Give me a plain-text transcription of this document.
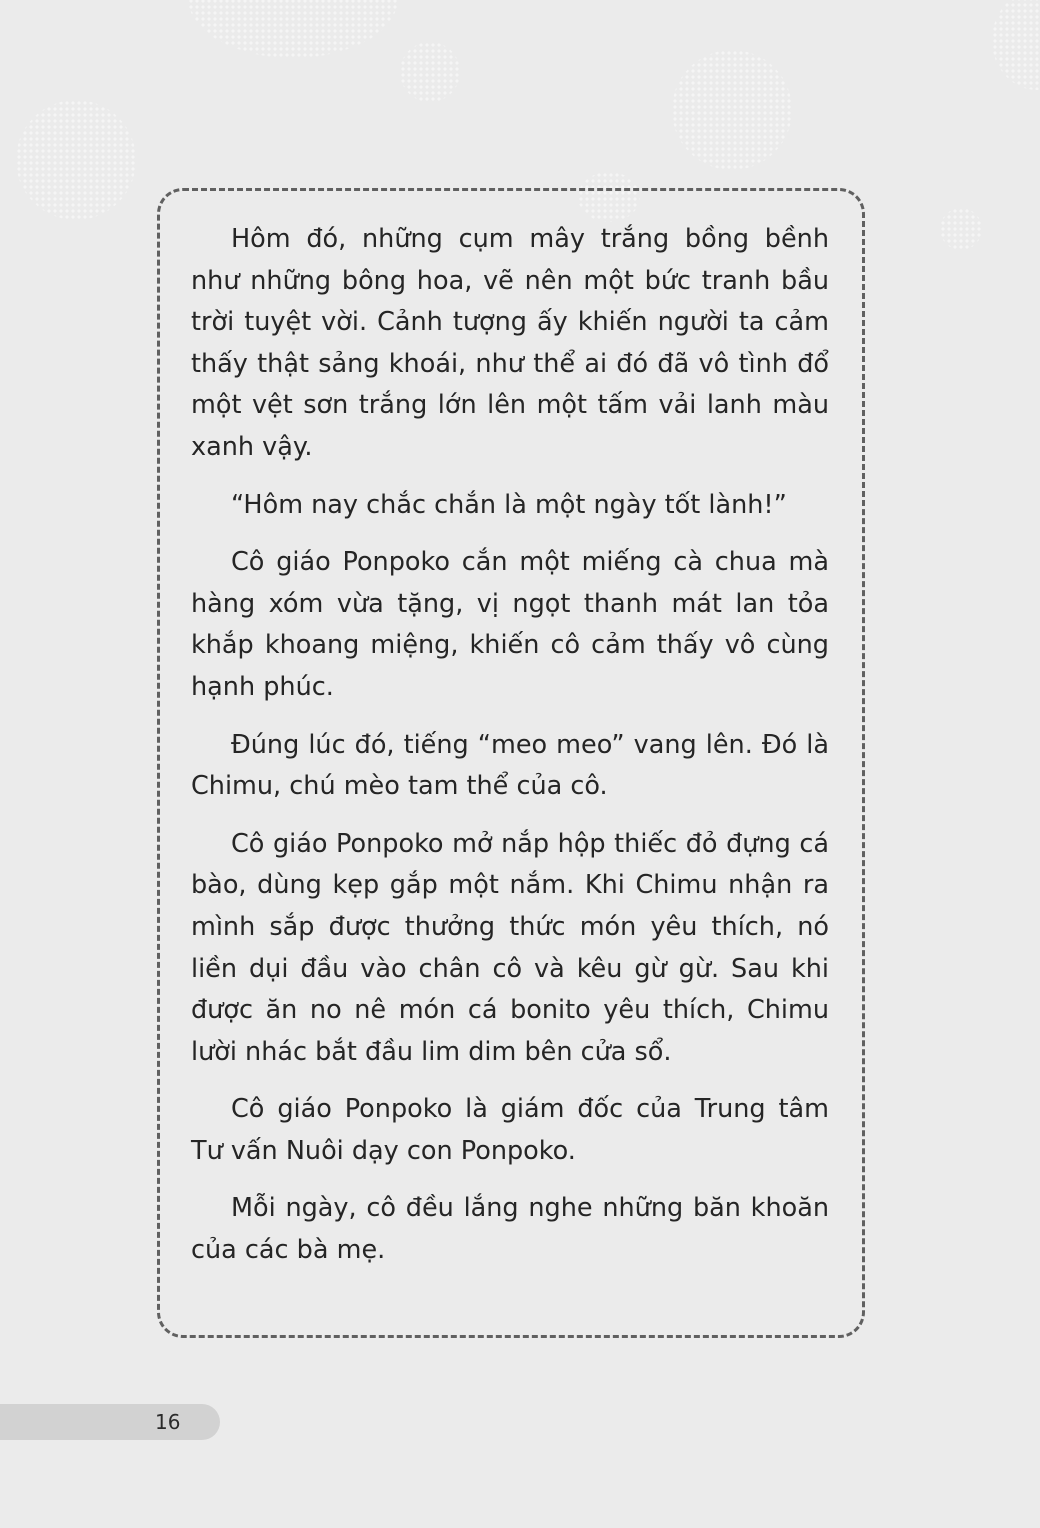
Hôm đó, những cụm mây trắng bồng bềnh như những bông hoa, vẽ nên một bức tranh bầu trời tuyệt vời. Cảnh tượng ấy khiến người ta cảm thấy thật sảng khoái, như thể ai đó đã vô tình đổ một vệt sơn trắng lớn lên một tấm vải lanh màu xanh vậy.

“Hôm nay chắc chắn là một ngày tốt lành!”

Cô giáo Ponpoko cắn một miếng cà chua mà hàng xóm vừa tặng, vị ngọt thanh mát lan tỏa khắp khoang miệng, khiến cô cảm thấy vô cùng hạnh phúc.

Đúng lúc đó, tiếng “meo meo” vang lên. Đó là Chimu, chú mèo tam thể của cô.

Cô giáo Ponpoko mở nắp hộp thiếc đỏ đựng cá bào, dùng kẹp gắp một nắm. Khi Chimu nhận ra mình sắp được thưởng thức món yêu thích, nó liền dụi đầu vào chân cô và kêu gừ gừ. Sau khi được ăn no nê món cá bonito yêu thích, Chimu lười nhác bắt đầu lim dim bên cửa sổ.

Cô giáo Ponpoko là giám đốc của Trung tâm Tư vấn Nuôi dạy con Ponpoko.

Mỗi ngày, cô đều lắng nghe những băn khoăn của các bà mẹ.

16
